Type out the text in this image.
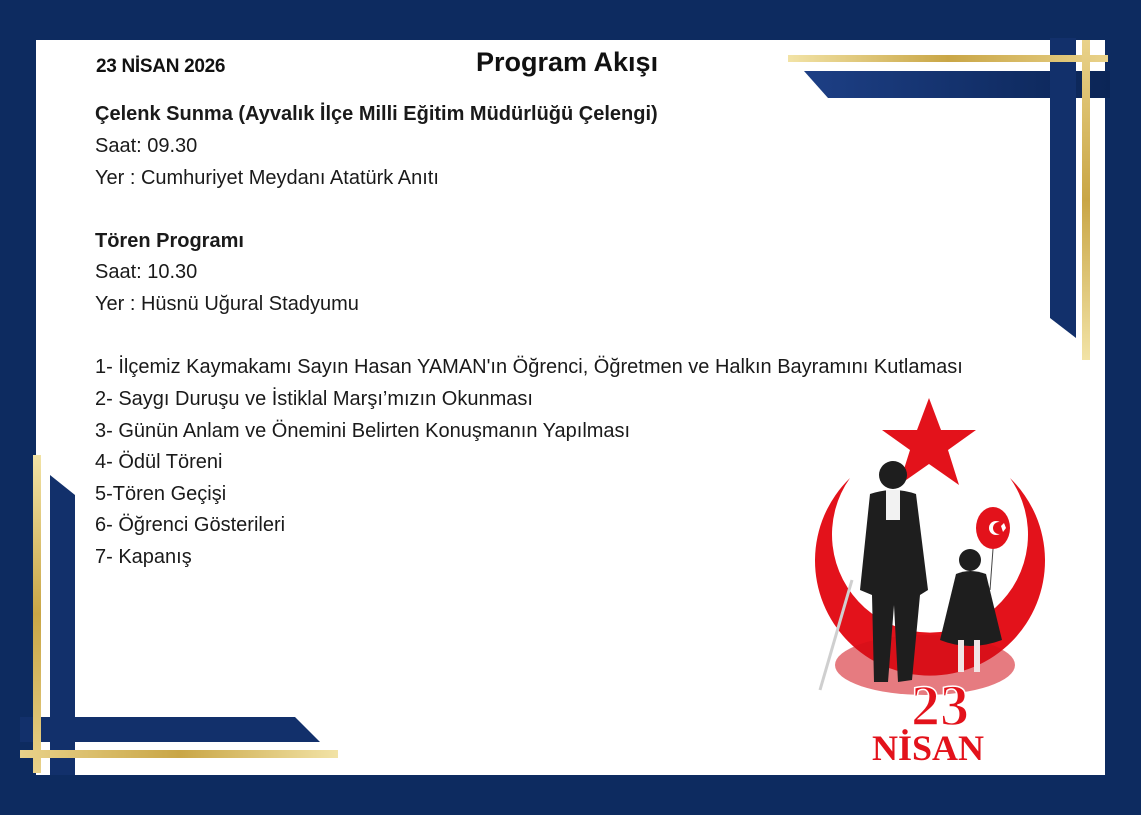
23 NİSAN 2026	Program Akışı
Çelenk Sunma (Ayvalık İlçe Milli Eğitim Müdürlüğü Çelengi)
Saat: 09.30
Yer : Cumhuriyet Meydanı Atatürk Anıtı
Tören Programı
Saat: 10.30
Yer : Hüsnü Uğural Stadyumu
1- İlçemiz Kaymakamı Sayın Hasan YAMAN'ın Öğrenci, Öğretmen ve Halkın Bayramını Kutlaması
2- Saygı Duruşu ve İstiklal Marşı’mızın Okunması
3- Günün Anlam ve Önemini Belirten Konuşmanın Yapılması
4- Ödül Töreni
5-Tören Geçişi
6- Öğrenci Gösterileri
7- Kapanış
23
NİSAN
